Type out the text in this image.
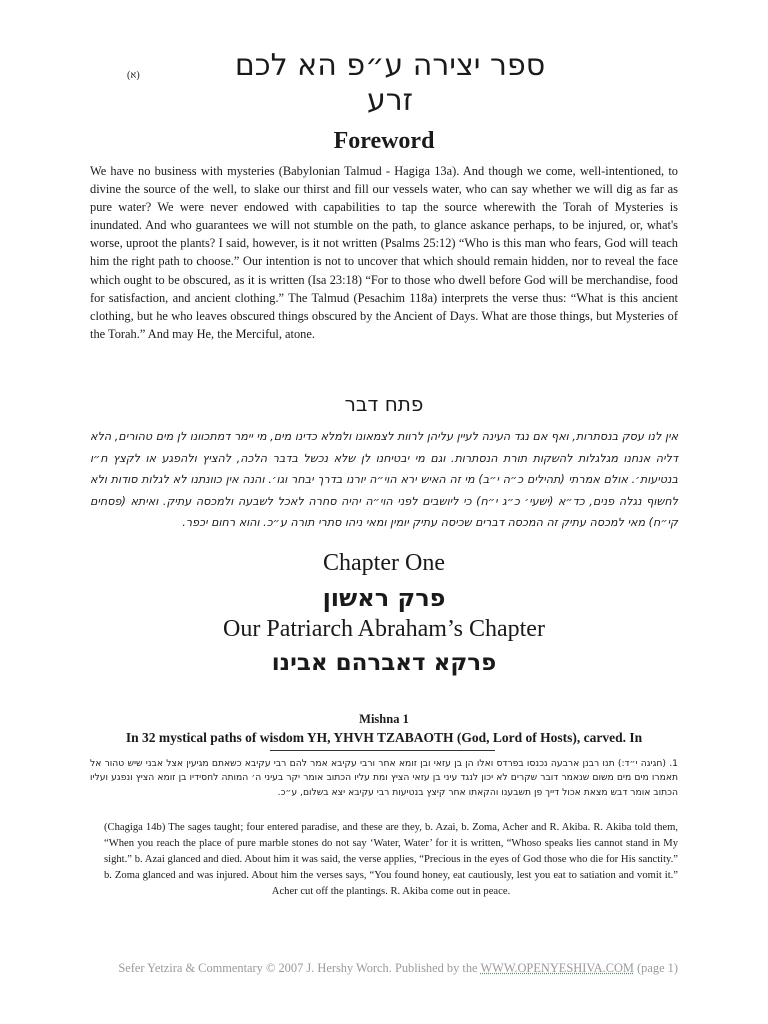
(א)	ספר יצירה ע״פ הא לכם זרע
Foreword

We have no business with mysteries (Babylonian Talmud - Hagiga 13a). And though we come, well-intentioned, to divine the source of the well, to slake our thirst and fill our vessels water, who can say whether we will dig as far as pure water? We were never endowed with capabilities to tap the source wherewith the Torah of Mysteries is inundated. And who guarantees we will not stumble on the path, to glance askance perhaps, to be injured, or, what's worse, uproot the plants? I said, however, is it not written (Psalms 25:12) “Who is this man who fears, God will teach him the right path to choose.” Our intention is not to uncover that which should remain hidden, nor to reveal the face which ought to be obscured, as it is written (Isa 23:18) “For to those who dwell before God will be merchandise, food for satisfaction, and ancient clothing.” The Talmud (Pesachim 118a) interprets the verse thus: “What is this ancient clothing, but he who leaves obscured things obscured by the Ancient of Days. What are those things, but Mysteries of the Torah.” And may He, the Merciful, atone.

פתח דבר

אין לנו עסק בנסתרות, ואף אם נגד העינה לעיין עליהן לרוות לצמאונו ולמלא כדינו מים, מי יימר דמתכוונו לן מים טהורים, הלא דליה אנחנו מגלגלות להשקות תורת הנסתרות. וגם מי יבטיחנו לן שלא נכשל בדבר הלכה, להציץ ולהפגע או לקצץ ח״ו בנטיעות׳. אולם אמרתי (תהילים כ״ה י״ב) מי זה האיש ירא הוי״ה יורנו בדרך יבחר וגו׳. והנה אין כוונתנו לא לגלות סודות ולא לחשוף נגלה פנים, כד״א (ישעי׳ כ״ג י״ח) כי ליושבים לפני הוי״ה יהיה סחרה לאכל לשבעה ולמכסה עתיק. ואיתא (פסחים קי״ח) מאי למכסה עתיק זה המכסה דברים שכיסה עתיק יומין ומאי ניהו סתרי תורה ע״כ. והוא רחום יכפר.

Chapter One
פרק ראשון
Our Patriarch Abraham’s Chapter
פרקא דאברהם אבינו
Mishna 1
In 32 mystical paths of wisdom YH, YHVH TZABAOTH (God, Lord of Hosts), carved. In

1. (חגיגה י״ד:) תנו רבנן ארבעה נכנסו בפרדס ואלו הן בן עזאי ובן זומא אחר ורבי עקיבא אמר להם רבי עקיבא כשאתם מגיעין אצל אבני שיש טהור אל תאמרו מים מים משום שנאמר דובר שקרים לא יכון לנגד עיני בן עזאי הציץ ומת עליו הכתוב אומר יקר בעיני ה׳ המותה לחסידיו בן זומא הציץ ונפגע ועליו הכתוב אומר דבש מצאת אכול דייך פן תשבענו והקאתו אחר קיצץ בנטיעות רבי עקיבא יצא בשלום, ע״כ.

(Chagiga 14b) The sages taught; four entered paradise, and these are they, b. Azai, b. Zoma, Acher and R. Akiba. R. Akiba told them, “When you reach the place of pure marble stones do not say ‘Water, Water’ for it is written, “Whoso speaks lies cannot stand in My sight.” b. Azai glanced and died. About him it was said, the verse applies, “Precious in the eyes of God those who die for His sanctity.” b. Zoma glanced and was injured. About him the verses says, “You found honey, eat cautiously, lest you eat to satiation and vomit it.” Acher cut off the plantings. R. Akiba come out in peace.

Sefer Yetzira & Commentary © 2007 J. Hershy Worch. Published by the WWW.OPENYESHIVA.COM (page 1)
